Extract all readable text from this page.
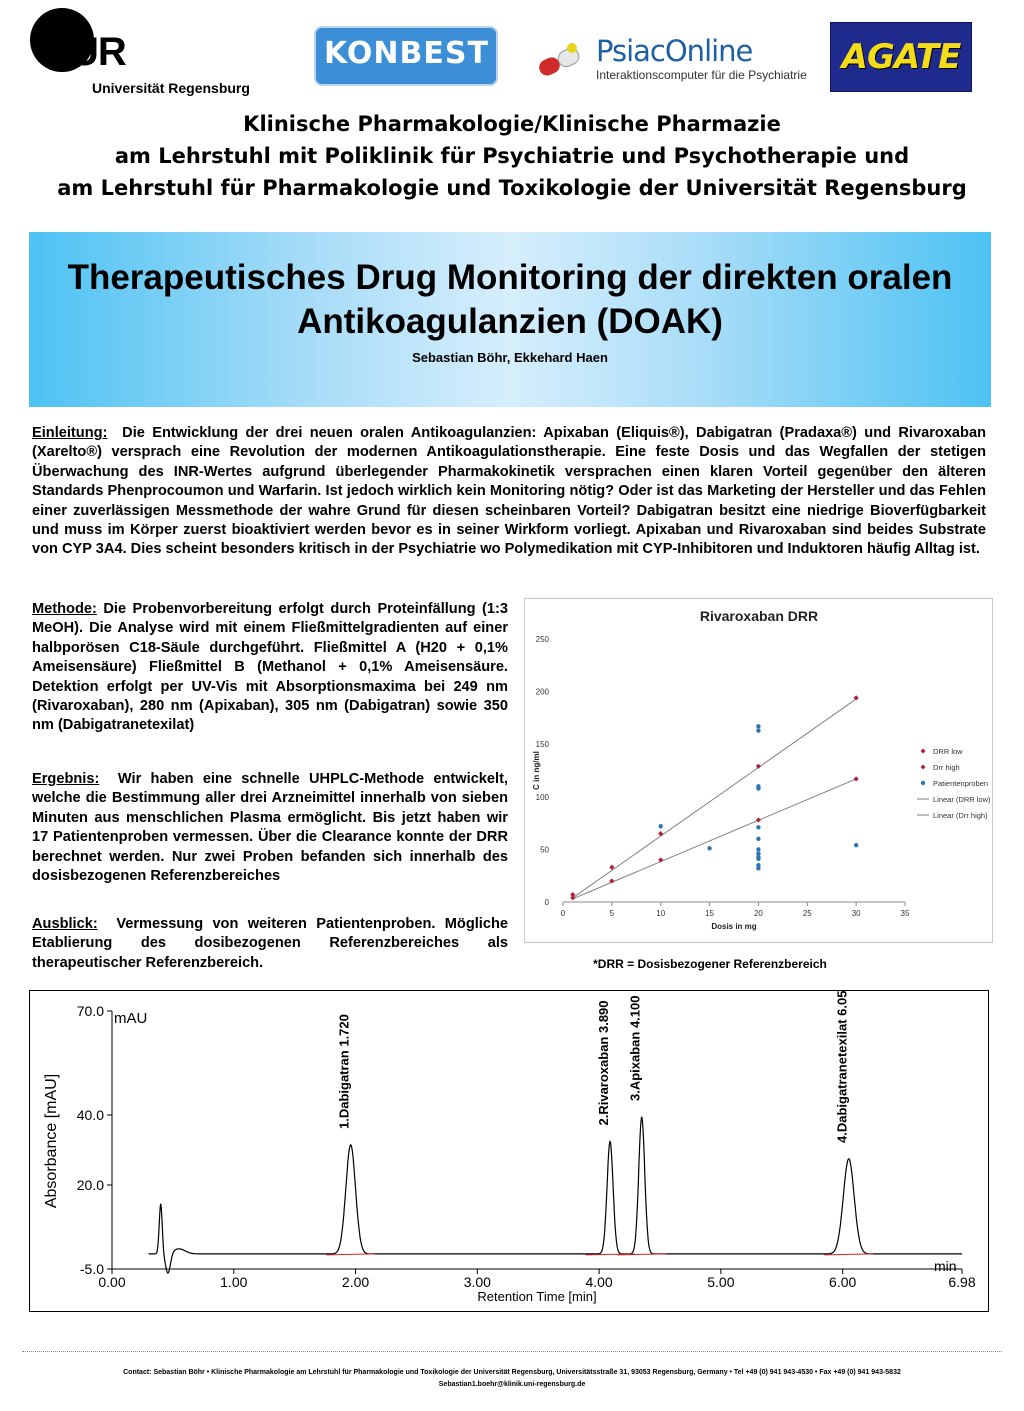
UR
Universität Regensburg
KONBEST	PsiacOnline
Interaktionscomputer für die Psychiatrie	AGATE
Klinische Pharmakologie/Klinische Pharmazie
am Lehrstuhl mit Poliklinik für Psychiatrie und Psychotherapie und
am Lehrstuhl für Pharmakologie und Toxikologie der Universität Regensburg
Therapeutisches Drug Monitoring der direkten oralen
Antikoagulanzien (DOAK)
Sebastian Böhr, Ekkehard Haen
Einleitung: Die Entwicklung der drei neuen oralen Antikoagulanzien: Apixaban (Eliquis®), Dabigatran (Pradaxa®) und Rivaroxaban (Xarelto®) versprach eine Revolution der modernen Antikoagulationstherapie. Eine feste Dosis und das Wegfallen der stetigen Überwachung des INR-Wertes aufgrund überlegender Pharmakokinetik versprachen einen klaren Vorteil gegenüber den älteren Standards Phenprocoumon und Warfarin. Ist jedoch wirklich kein Monitoring nötig? Oder ist das Marketing der Hersteller und das Fehlen einer zuverlässigen Messmethode der wahre Grund für diesen scheinbaren Vorteil? Dabigatran besitzt eine niedrige Bioverfügbarkeit und muss im Körper zuerst bioaktiviert werden bevor es in seiner Wirkform vorliegt. Apixaban und Rivaroxaban sind beides Substrate von CYP 3A4. Dies scheint besonders kritisch in der Psychiatrie wo Polymedikation mit CYP-Inhibitoren und Induktoren häufig Alltag ist.
Methode: Die Probenvorbereitung erfolgt durch Proteinfällung (1:3 MeOH). Die Analyse wird mit einem Fließmittelgradienten auf einer halbporösen C18-Säule durchgeführt. Fließmittel A (H20 + 0,1% Ameisensäure) Fließmittel B (Methanol + 0,1% Ameisensäure. Detektion erfolgt per UV-Vis mit Absorptionsmaxima bei 249 nm (Rivaroxaban), 280 nm (Apixaban), 305 nm (Dabigatran) sowie 350 nm (Dabigatranetexilat)
Ergebnis: Wir haben eine schnelle UHPLC-Methode entwickelt, welche die Bestimmung aller drei Arzneimittel innerhalb von sieben Minuten aus menschlichen Plasma ermöglicht. Bis jetzt haben wir 17 Patientenproben vermessen. Über die Clearance konnte der DRR berechnet werden. Nur zwei Proben befanden sich innerhalb des dosisbezogenen Referenzbereiches
Ausblick: Vermessung von weiteren Patientenproben. Mögliche Etablierung des dosibezogenen Referenzbereiches als therapeutischer Referenzbereich.
Rivaroxaban DRR
0
50
100
150
200
250
0	5	10	15	20	25	30	35
Dosis in mg
C in ng/ml	DRR low
Drr high
Patientenproben
Linear (DRR low)
Linear (Drr high)
*DRR = Dosisbezogener Referenzbereich
-5.0
20.0
40.0
70.0
0.00	1.00	2.00	3.00	4.00	5.00	6.00	6.98
mAU
min
Retention Time [min]
Absorbance [mAU]
1.Dabigatran 1.720	2.Rivaroxaban 3.890 3.Apixaban 4.100	4.Dabigatranetexilat 6.050
Contact: Sebastian Böhr • Klinische Pharmakologie am Lehrstuhl für Pharmakologie und Toxikologie der Universität Regensburg, Universitätsstraße 31, 93053 Regensburg, Germany • Tel +49 (0) 941 943-4530 • Fax +49 (0) 941 943-5832
Sebastian1.boehr@klinik.uni-regensburg.de
